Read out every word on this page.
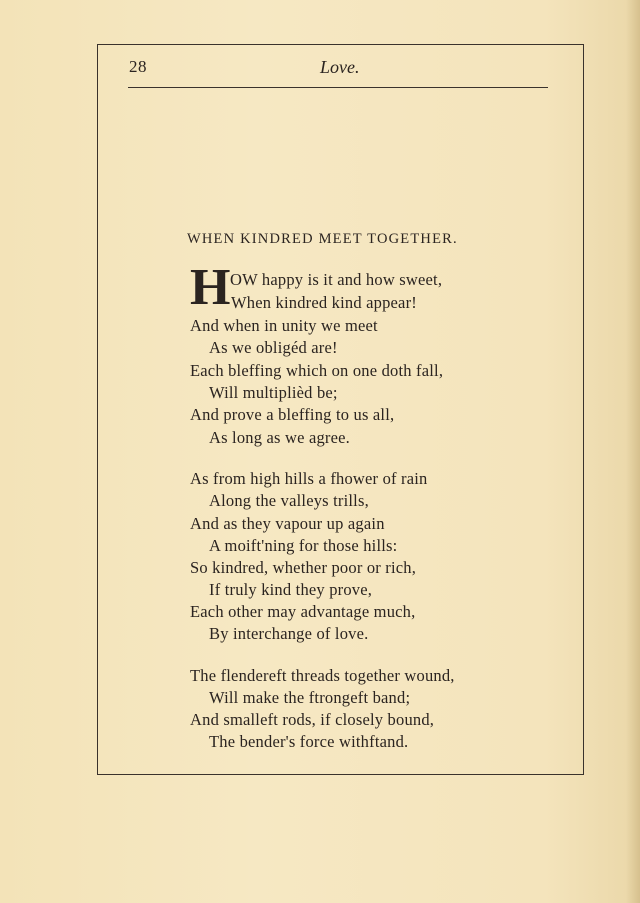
28	Love.
WHEN KINDRED MEET TOGETHER.
H OW happy is it and how sweet,
When kindred kind appear!
And when in unity we meet
As we obligéd are!
Each bleffing which on one doth fall,
Will multiplièd be;
And prove a bleffing to us all,
As long as we agree.
As from high hills a fhower of rain
Along the valleys trills,
And as they vapour up again
A moift'ning for those hills:
So kindred, whether poor or rich,
If truly kind they prove,
Each other may advantage much,
By interchange of love.
The flendereft threads together wound,
Will make the ftrongeft band;
And smalleft rods, if closely bound,
The bender's force withftand.
